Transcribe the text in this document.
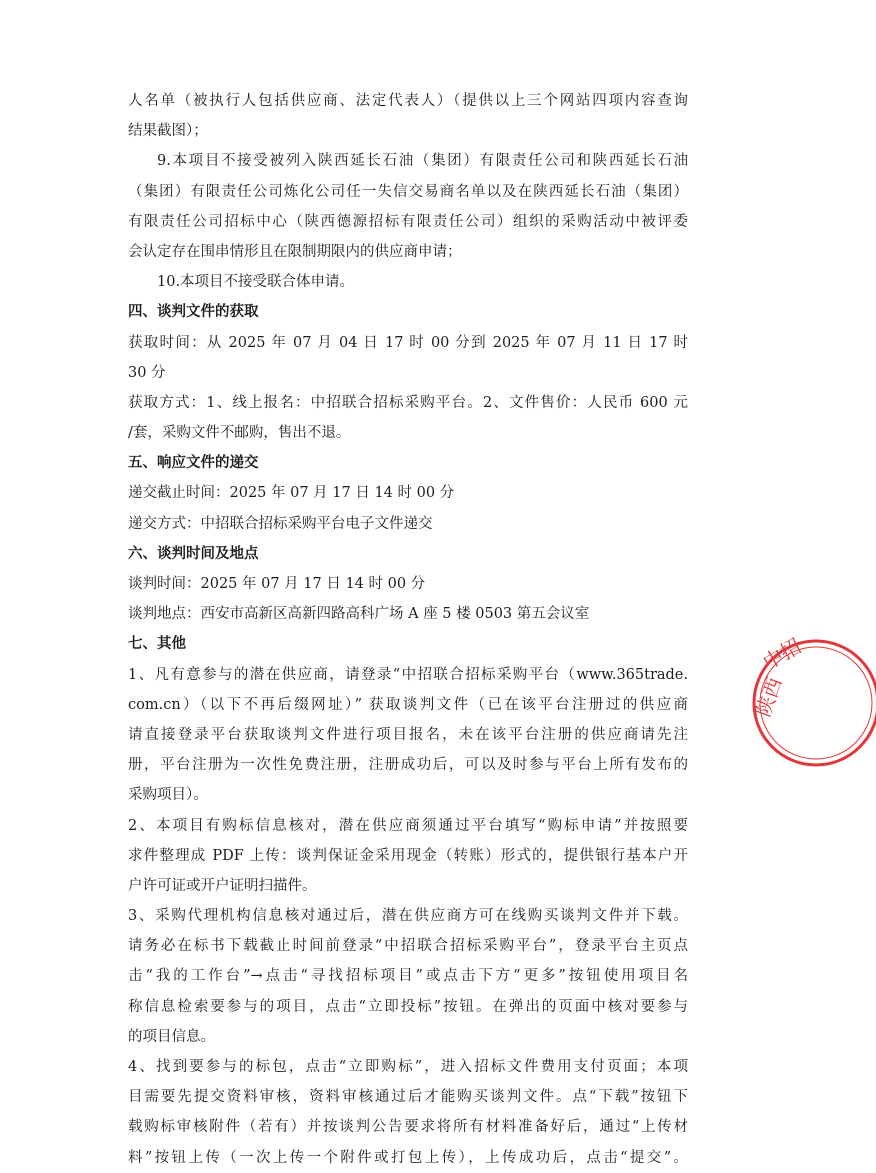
人名单（被执行人包括供应商、法定代表人）（提供以上三个网站四项内容查询
结果截图）；
9.本项目不接受被列入陕西延长石油（集团）有限责任公司和陕西延长石油
（集团）有限责任公司炼化公司任一失信交易商名单以及在陕西延长石油（集团）
有限责任公司招标中心（陕西德源招标有限责任公司）组织的采购活动中被评委
会认定存在围串情形且在限制期限内的供应商申请；
10.本项目不接受联合体申请。
四、谈判文件的获取
获取时间：从 2025 年 07 月 04 日 17 时 00 分到 2025 年 07 月 11 日 17 时
30 分
获取方式：1、线上报名：中招联合招标采购平台。2、文件售价：人民币 600 元
/套，采购文件不邮购，售出不退。
五、响应文件的递交
递交截止时间：2025 年 07 月 17 日 14 时 00 分
递交方式：中招联合招标采购平台电子文件递交
六、谈判时间及地点
谈判时间：2025 年 07 月 17 日 14 时 00 分
谈判地点：西安市高新区高新四路高科广场 A 座 5 楼 0503 第五会议室
七、其他
1、凡有意参与的潜在供应商，请登录“中招联合招标采购平台（www.365trade.
com.cn）（以下不再后缀网址）” 获取谈判文件（已在该平台注册过的供应商
请直接登录平台获取谈判文件进行项目报名，未在该平台注册的供应商请先注
册，平台注册为一次性免费注册，注册成功后，可以及时参与平台上所有发布的
采购项目）。
2、本项目有购标信息核对，潜在供应商须通过平台填写“购标申请”并按照要
求件整理成 PDF 上传：谈判保证金采用现金（转账）形式的，提供银行基本户开
户许可证或开户证明扫描件。
3、采购代理机构信息核对通过后，潜在供应商方可在线购买谈判文件并下载。
请务必在标书下载截止时间前登录“中招联合招标采购平台”，登录平台主页点
击“我的工作台”→点击“寻找招标项目”或点击下方“更多”按钮使用项目名
称信息检索要参与的项目，点击“立即投标”按钮。在弹出的页面中核对要参与
的项目信息。
4、找到要参与的标包，点击“立即购标”，进入招标文件费用支付页面；本项
目需要先提交资料审核，资料审核通过后才能购买谈判文件。点“下载”按钮下
载购标审核附件（若有）并按谈判公告要求将所有材料准备好后，通过“上传材
料”按钮上传（一次上传一个附件或打包上传），上传成功后，点击“提交”。
陕西
中招
